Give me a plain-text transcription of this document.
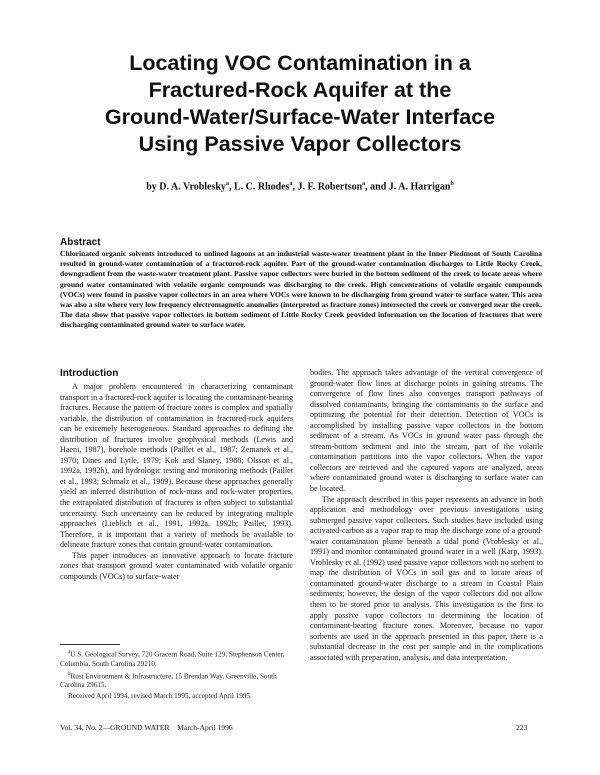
Locating VOC Contamination in a
Fractured-Rock Aquifer at the
Ground-Water/Surface-Water Interface
Using Passive Vapor Collectors

by D. A. Vroblesky$^a$, L. C. Rhodes$^a$, J. F. Robertson$^a$, and J. A. Harrigan$^b$

Abstract

Chlorinated organic solvents introduced to unlined lagoons at an industrial waste-water treatment plant in the Inner Piedmont of South Carolina resulted in ground-water contamination of a fractured-rock aquifer. Part of the ground-water contamination discharges to Little Rocky Creek, downgradient from the waste-water treatment plant. Passive vapor collectors were buried in the bottom sediment of the creek to locate areas where ground water contaminated with volatile organic compounds was discharging to the creek. High concentrations of volatile organic compounds (VOCs) were found in passive vapor collectors in an area where VOCs were known to be discharging from ground water to surface water. This area was also a site where very low frequency electromagnetic anomalies (interpreted as fracture zones) intersected the creek or converged near the creek. The data show that passive vapor collectors in bottom sediment of Little Rocky Creek provided information on the location of fractures that were discharging contaminated ground water to surface water.

Introduction

A major problem encountered in characterizing contaminant transport in a fractured-rock aquifer is locating the contaminant-bearing fractures. Because the pattern of fracture zones is complex and spatially variable, the distribution of contamination in fractured-rock aquifers can be extremely heterogeneous. Standard approaches to defining the distribution of fractures involve geophysical methods (Lewis and Haeni, 1987), borehole methods (Paillet et al., 1987; Zemanek et al., 1970; Dines and Lytle, 1979; Kok and Slaney, 1988; Olsson et al., 1992a, 1992b), and hydrologic testing and monitoring methods (Paillet et al., 1993; Schmalz et al., 1989). Because these approaches generally yield an inferred distribution of rock-mass and rock-water properties, the extrapolated distribution of fractures is often subject to substantial uncertainty. Such uncertainty can be reduced by integrating multiple approaches (Lieblich et al., 1991, 1992a, 1992b; Paillet, 1993). Therefore, it is important that a variety of methods be available to delineate fracture zones that contain ground-water contamination.

This paper introduces an innovative approach to locate fracture zones that transport ground water contaminated with volatile organic compounds (VOCs) to surface-water

bodies. The approach takes advantage of the vertical convergence of ground-water flow lines at discharge points in gaining streams. The convergence of flow lines also converges transport pathways of dissolved contaminants, bringing the contaminants to the surface and optimizing the potential for their detection. Detection of VOCs is accomplished by installing passive vapor collectors in the bottom sediment of a stream. As VOCs in ground water pass through the stream-bottom sediment and into the stream, part of the volatile contamination partitions into the vapor collectors. When the vapor collectors are retrieved and the captured vapors are analyzed, areas where contaminated ground water is discharging to surface water can be located.

The approach described in this paper represents an advance in both application and methodology over previous investigations using submerged passive vapor collectors. Such studies have included using activated-carbon as a vapor trap to map the discharge zone of a ground-water contamination plume beneath a tidal pond (Vroblesky et al., 1991) and monitor contaminated ground water in a well (Karp, 1993). Vroblesky et al. (1992) used passive vapor collectors with no sorbent to map the distribution of VOCs in soil gas and to locate areas of contaminated ground-water discharge to a stream in Coastal Plain sediments; however, the design of the vapor collectors did not allow them to be stored prior to analysis. This investigation is the first to apply passive vapor collectors to determining the location of contaminant-bearing fracture zones. Moreover, because no vapor sorbents are used in the approach presented in this paper, there is a substantial decrease in the cost per sample and in the complications associated with preparation, analysis, and data interpretation.

$^a$U.S. Geological Survey, 720 Gracern Road, Suite 129, Stephenson Center, Columbia, South Carolina 29210.

$^b$Rust Environment & Infrastructure, 15 Brendan Way, Greenville, South Carolina 29615.

Received April 1994, revised March 1995, accepted April 1995.

Vol. 34, No. 2—GROUND WATER    March-April 1996	223
